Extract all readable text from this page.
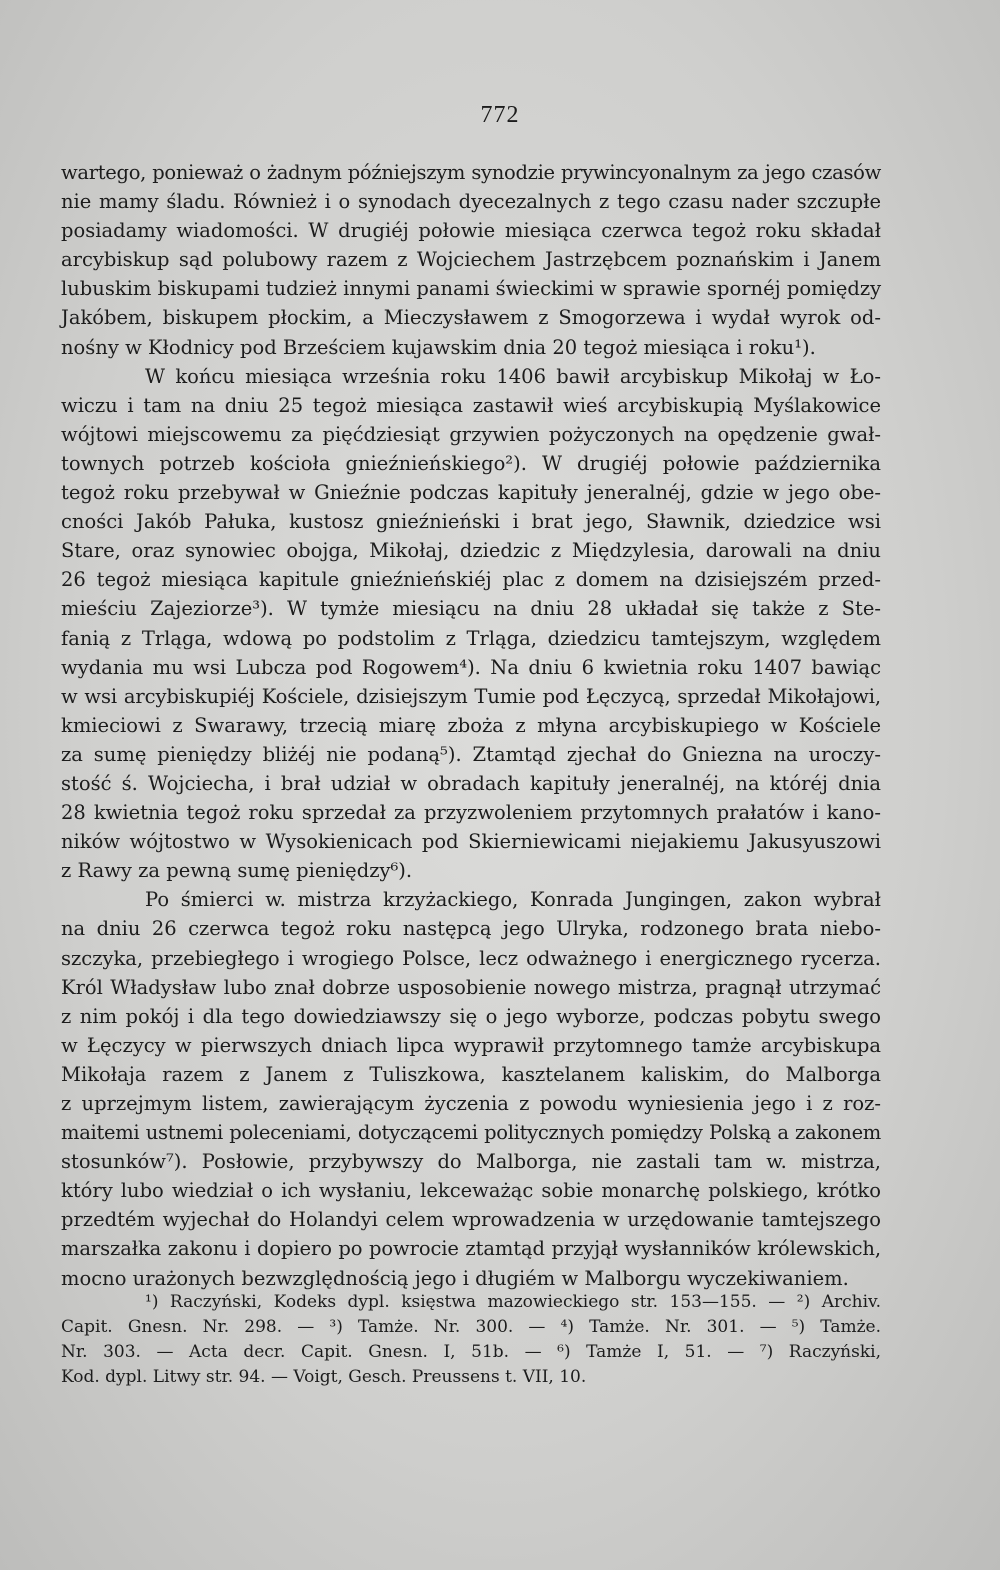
772
wartego, ponieważ o żadnym późniejszym synodzie prywincyonalnym za jego czasów
nie mamy śladu. Również i o synodach dyecezalnych z tego czasu nader szczupłe
posiadamy wiadomości. W drugiéj połowie miesiąca czerwca tegoż roku składał
arcybiskup sąd polubowy razem z Wojciechem Jastrzębcem poznańskim i Janem
lubuskim biskupami tudzież innymi panami świeckimi w sprawie spornéj pomiędzy
Jakóbem, biskupem płockim, a Mieczysławem z Smogorzewa i wydał wyrok od-
nośny w Kłodnicy pod Brześciem kujawskim dnia 20 tegoż miesiąca i roku¹).
W końcu miesiąca września roku 1406 bawił arcybiskup Mikołaj w Ło-
wiczu i tam na dniu 25 tegoż miesiąca zastawił wieś arcybiskupią Myślakowice
wójtowi miejscowemu za pięćdziesiąt grzywien pożyczonych na opędzenie gwał-
townych potrzeb kościoła gnieźnieńskiego²). W drugiéj połowie października
tegoż roku przebywał w Gnieźnie podczas kapituły jeneralnéj, gdzie w jego obe-
cności Jakób Pałuka, kustosz gnieźnieński i brat jego, Sławnik, dziedzice wsi
Stare, oraz synowiec obojga, Mikołaj, dziedzic z Międzylesia, darowali na dniu
26 tegoż miesiąca kapitule gnieźnieńskiéj plac z domem na dzisiejszém przed-
mieściu Zajeziorze³). W tymże miesiącu na dniu 28 układał się także z Ste-
fanią z Trląga, wdową po podstolim z Trląga, dziedzicu tamtejszym, względem
wydania mu wsi Lubcza pod Rogowem⁴). Na dniu 6 kwietnia roku 1407 bawiąc
w wsi arcybiskupiéj Kościele, dzisiejszym Tumie pod Łęczycą, sprzedał Mikołajowi,
kmieciowi z Swarawy, trzecią miarę zboża z młyna arcybiskupiego w Kościele
za sumę pieniędzy bliżéj nie podaną⁵). Ztamtąd zjechał do Gniezna na uroczy-
stość ś. Wojciecha, i brał udział w obradach kapituły jeneralnéj, na któréj dnia
28 kwietnia tegoż roku sprzedał za przyzwoleniem przytomnych prałatów i kano-
ników wójtostwo w Wysokienicach pod Skierniewicami niejakiemu Jakusyuszowi
z Rawy za pewną sumę pieniędzy⁶).
Po śmierci w. mistrza krzyżackiego, Konrada Jungingen, zakon wybrał
na dniu 26 czerwca tegoż roku następcą jego Ulryka, rodzonego brata niebo-
szczyka, przebiegłego i wrogiego Polsce, lecz odważnego i energicznego rycerza.
Król Władysław lubo znał dobrze usposobienie nowego mistrza, pragnął utrzymać
z nim pokój i dla tego dowiedziawszy się o jego wyborze, podczas pobytu swego
w Łęczycy w pierwszych dniach lipca wyprawił przytomnego tamże arcybiskupa
Mikołaja razem z Janem z Tuliszkowa, kasztelanem kaliskim, do Malborga
z uprzejmym listem, zawierającym życzenia z powodu wyniesienia jego i z roz-
maitemi ustnemi poleceniami, dotyczącemi politycznych pomiędzy Polską a zakonem
stosunków⁷). Posłowie, przybywszy do Malborga, nie zastali tam w. mistrza,
który lubo wiedział o ich wysłaniu, lekceważąc sobie monarchę polskiego, krótko
przedtém wyjechał do Holandyi celem wprowadzenia w urzędowanie tamtejszego
marszałka zakonu i dopiero po powrocie ztamtąd przyjął wysłanników królewskich,
mocno urażonych bezwzględnością jego i długiém w Malborgu wyczekiwaniem.
¹) Raczyński, Kodeks dypl. księstwa mazowieckiego str. 153—155. — ²) Archiv.
Capit. Gnesn. Nr. 298. — ³) Tamże. Nr. 300. — ⁴) Tamże. Nr. 301. — ⁵) Tamże.
Nr. 303. — Acta decr. Capit. Gnesn. I, 51b. — ⁶) Tamże I, 51. — ⁷) Raczyński,
Kod. dypl. Litwy str. 94. — Voigt, Gesch. Preussens t. VII, 10.
